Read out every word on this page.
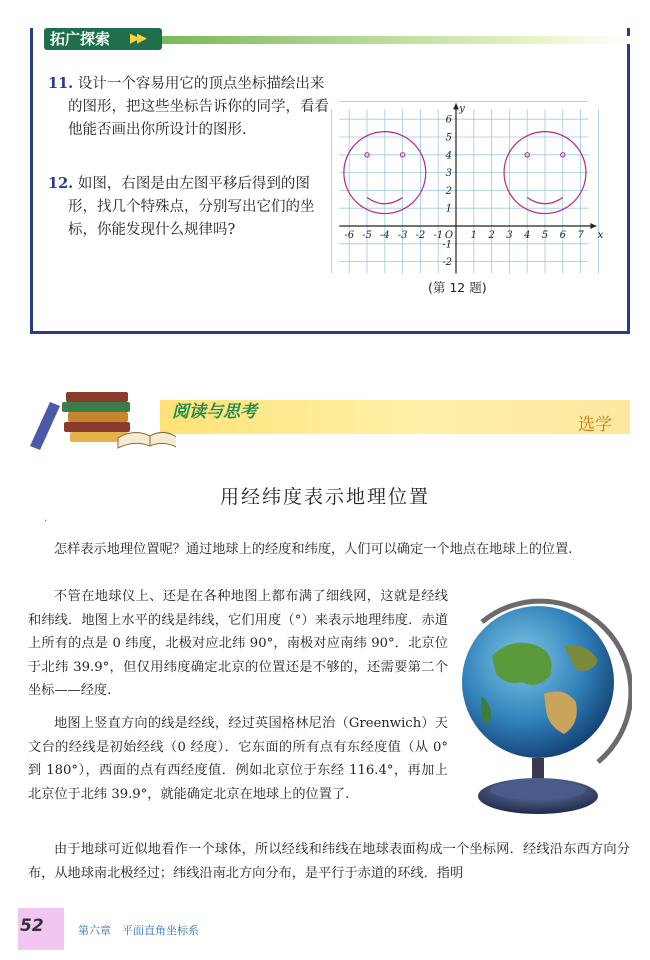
拓广探索 ▶▶
11. 设计一个容易用它的顶点坐标描绘出来的图形，把这些坐标告诉你的同学，看看他能否画出你所设计的图形.
12. 如图，右图是由左图平移后得到的图形，找几个特殊点，分别写出它们的坐标，你能发现什么规律吗?	-6 -5 -4 -3 -2 -1	1 2 3 4 5 6 7
6
5
4
3
2
1
-1
-2
O	x
y
(第 12 题)
阅读与思考
选学
用经纬度表示地理位置
·
怎样表示地理位置呢？通过地球上的经度和纬度，人们可以确定一个地点在地球上的位置.
不管在地球仪上、还是在各种地图上都布满了细线网，这就是经线和纬线．地图上水平的线是纬线，它们用度（°）来表示地理纬度．赤道上所有的点是 0 纬度，北极对应北纬 90°，南极对应南纬 90°．北京位于北纬 39.9°，但仅用纬度确定北京的位置还是不够的，还需要第二个坐标——经度.
地图上竖直方向的线是经线，经过英国格林尼治（Greenwich）天文台的经线是初始经线（0 经度）．它东面的所有点有东经度值（从 0°到 180°），西面的点有西经度值．例如北京位于东经 116.4°，再加上北京位于北纬 39.9°，就能确定北京在地球上的位置了.
由于地球可近似地看作一个球体，所以经线和纬线在地球表面构成一个坐标网．经线沿东西方向分布，从地球南北极经过；纬线沿南北方向分布，是平行于赤道的环线．指明
52	第六章　平面直角坐标系
